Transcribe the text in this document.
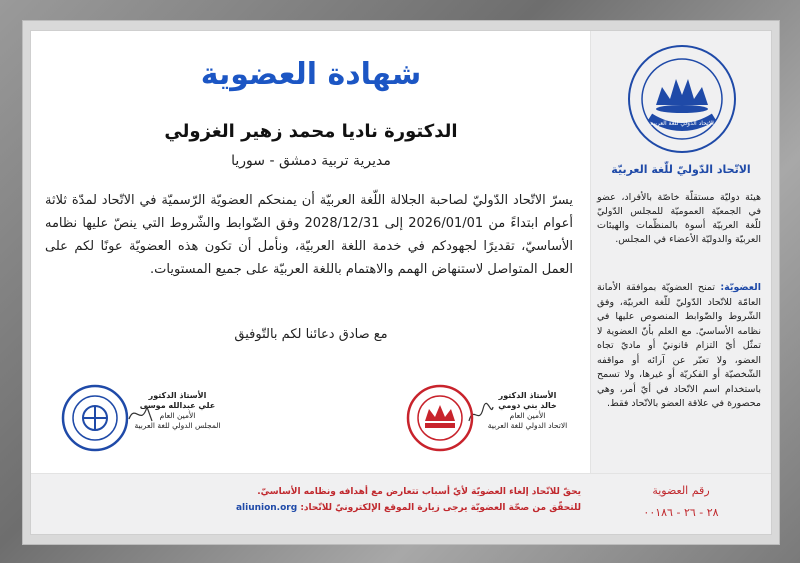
الاتحاد الدولي للغة العربية
الاتّحاد الدّوليّ للّغة العربيّة
هيئة دوليّة مستقلّة خاصّة بالأفراد، عضو في الجمعيّة العموميّة للمجلس الدّوليّ للّغة العربيّة أسوة بالمنظّمات والهيئات العربيّة والدوليّة الأعضاء في المجلس.
العضويّة: تمنح العضويّة بموافقة الأمانة العامّة للاتّحاد الدّوليّ للّغة العربيّة، وفق الشّروط والضّوابط المنصوص عليها في نظامه الأساسيّ. مع العلم بأنّ العضوية لا تمثّل أيّ التزام قانونيّ أو ماديّ تجاه العضو، ولا تعبّر عن آرائه أو مواقفه الشّخصيّة أو الفكريّة أو غيرها، ولا تسمح باستخدام اسم الاتّحاد في أيّ أمر، وهي محصورة في علاقة العضو بالاتّحاد فقط.
شهادة العضوية
الدكتورة ناديا محمد زهير الغزولي
مديرية تربية دمشق - سوريا
يسرّ الاتّحاد الدّوليّ لصاحبة الجلالة اللّغة العربيّة أن يمنحكم العضويّة الرّسميّة في الاتّحاد لمدّة ثلاثة أعوام ابتداءً من 2026/01/01 إلى 2028/12/31 وفق الضّوابط والشّروط التي ينصّ عليها نظامه الأساسيّ، تقديرًا لجهودكم في خدمة اللغة العربيّة، ونأمل أن تكون هذه العضويّة عونًا لكم على العمل المتواصل لاستنهاض الهمم والاهتمام باللغة العربيّة على جميع المستويات.
مع صادق دعائنا لكم بالتّوفيق
الأستاذ الدكتور
خالد بني دومي
الأمين العام
الاتحاد الدولي للغة العربية
الأستاذ الدكتور
علي عبدالله موسى
الأمين العام
المجلس الدولي للغة العربية
رقم العضوية
٢٨ - ٢٦ - ٠٠١٨٦
يحقّ للاتّحاد إلغاء العضويّة لأيّ أسباب تتعارض مع أهدافه ونظامه الأساسيّ.
للتحقّق من صحّة العضويّة يرجى زيارة الموقع الإلكترونيّ للاتّحاد: aliunion.org
